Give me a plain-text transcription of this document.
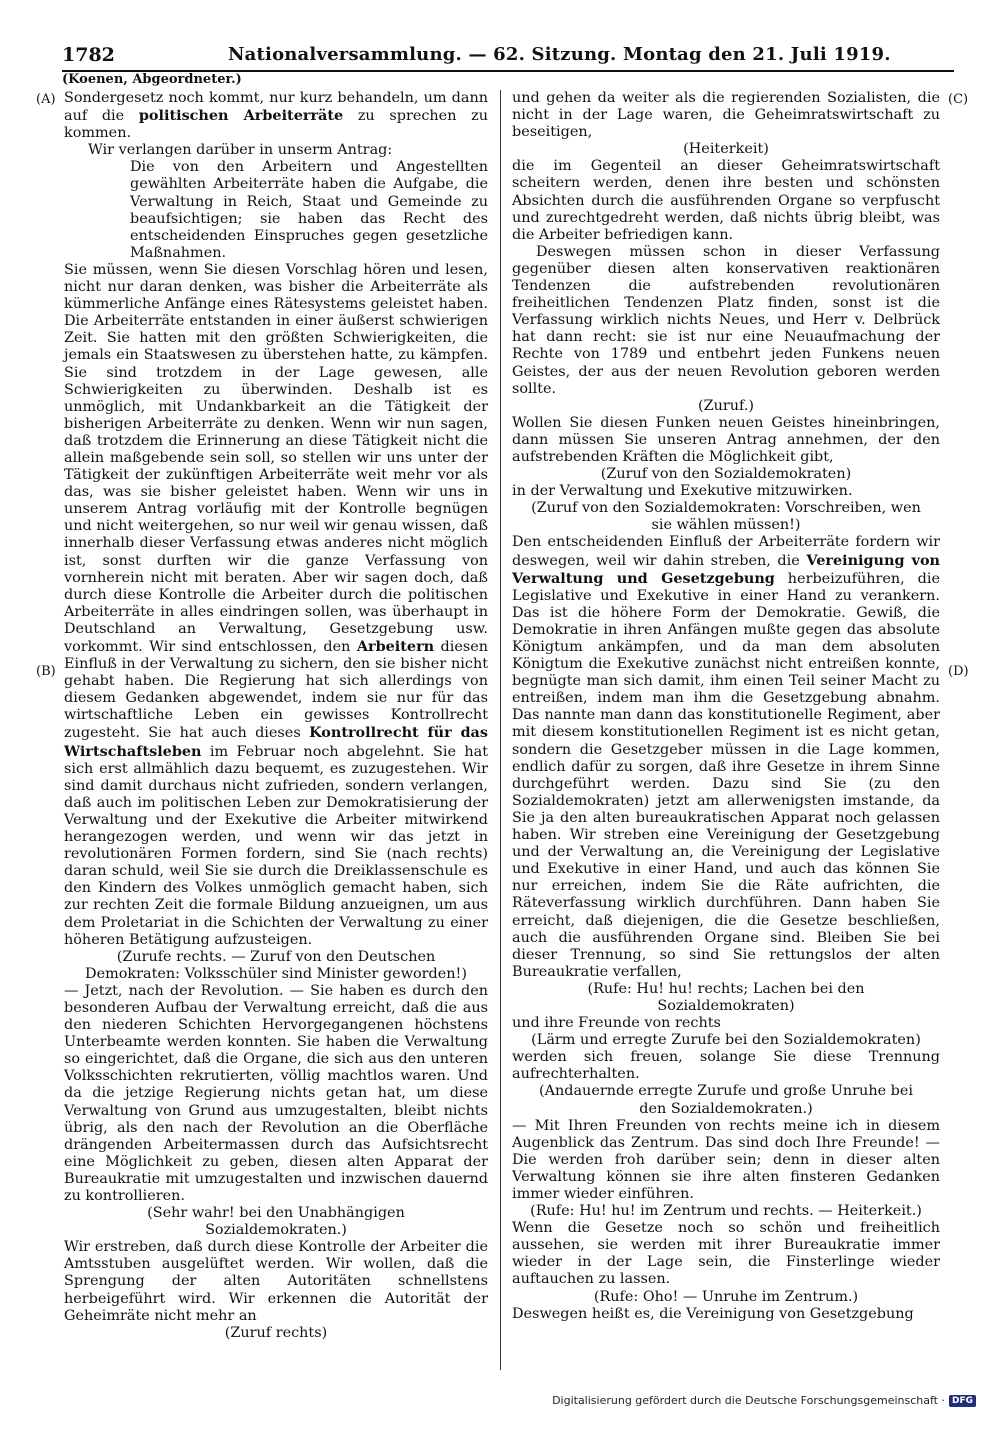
1782	Nationalversammlung. — 62. Sitzung. Montag den 21. Juli 1919.
(Koenen, Abgeordneter.)
(A)
(B)
(C)
(D)

Sondergesetz noch kommt, nur kurz behandeln, um dann auf die politischen Arbeiterräte zu sprechen zu kommen.

Wir verlangen darüber in unserm Antrag:

Die von den Arbeitern und Angestellten gewählten Arbeiterräte haben die Aufgabe, die Verwaltung in Reich, Staat und Gemeinde zu beaufsichtigen; sie haben das Recht des entscheidenden Einspruches gegen gesetzliche Maßnahmen.

Sie müssen, wenn Sie diesen Vorschlag hören und lesen, nicht nur daran denken, was bisher die Arbeiterräte als kümmerliche Anfänge eines Rätesystems geleistet haben. Die Arbeiterräte entstanden in einer äußerst schwierigen Zeit. Sie hatten mit den größten Schwierigkeiten, die jemals ein Staatswesen zu überstehen hatte, zu kämpfen. Sie sind trotzdem in der Lage gewesen, alle Schwierigkeiten zu überwinden. Deshalb ist es unmöglich, mit Undankbarkeit an die Tätigkeit der bisherigen Arbeiterräte zu denken. Wenn wir nun sagen, daß trotzdem die Erinnerung an diese Tätigkeit nicht die allein maßgebende sein soll, so stellen wir uns unter der Tätigkeit der zukünftigen Arbeiterräte weit mehr vor als das, was sie bisher geleistet haben. Wenn wir uns in unserem Antrag vorläufig mit der Kontrolle begnügen und nicht weitergehen, so nur weil wir genau wissen, daß innerhalb dieser Verfassung etwas anderes nicht möglich ist, sonst durften wir die ganze Verfassung von vornherein nicht mit beraten. Aber wir sagen doch, daß durch diese Kontrolle die Arbeiter durch die politischen Arbeiterräte in alles eindringen sollen, was überhaupt in Deutschland an Verwaltung, Gesetzgebung usw. vorkommt. Wir sind entschlossen, den Arbeitern diesen Einfluß in der Verwaltung zu sichern, den sie bisher nicht gehabt haben. Die Regierung hat sich allerdings von diesem Gedanken abgewendet, indem sie nur für das wirtschaftliche Leben ein gewisses Kontrollrecht zugesteht. Sie hat auch dieses Kontrollrecht für das Wirtschaftsleben im Februar noch abgelehnt. Sie hat sich erst allmählich dazu bequemt, es zuzugestehen. Wir sind damit durchaus nicht zufrieden, sondern verlangen, daß auch im politischen Leben zur Demokratisierung der Verwaltung und der Exekutive die Arbeiter mitwirkend herangezogen werden, und wenn wir das jetzt in revolutionären Formen fordern, sind Sie (nach rechts) daran schuld, weil Sie sie durch die Dreiklassenschule es den Kindern des Volkes unmöglich gemacht haben, sich zur rechten Zeit die formale Bildung anzueignen, um aus dem Proletariat in die Schichten der Verwaltung zu einer höheren Betätigung aufzusteigen.

(Zurufe rechts. — Zuruf von den Deutschen Demokraten: Volksschüler sind Minister geworden!)

— Jetzt, nach der Revolution. — Sie haben es durch den besonderen Aufbau der Verwaltung erreicht, daß die aus den niederen Schichten Hervorgegangenen höchstens Unterbeamte werden konnten. Sie haben die Verwaltung so eingerichtet, daß die Organe, die sich aus den unteren Volksschichten rekrutierten, völlig machtlos waren. Und da die jetzige Regierung nichts getan hat, um diese Verwaltung von Grund aus umzugestalten, bleibt nichts übrig, als den nach der Revolution an die Oberfläche drängenden Arbeitermassen durch das Aufsichtsrecht eine Möglichkeit zu geben, diesen alten Apparat der Bureaukratie mit umzugestalten und inzwischen dauernd zu kontrollieren.

(Sehr wahr! bei den Unabhängigen Sozialdemokraten.)

Wir erstreben, daß durch diese Kontrolle der Arbeiter die Amtsstuben ausgelüftet werden. Wir wollen, daß die Sprengung der alten Autoritäten schnellstens herbeigeführt wird. Wir erkennen die Autorität der Geheimräte nicht mehr an

(Zuruf rechts)

und gehen da weiter als die regierenden Sozialisten, die nicht in der Lage waren, die Geheimratswirtschaft zu beseitigen,

(Heiterkeit)

die im Gegenteil an dieser Geheimratswirtschaft scheitern werden, denen ihre besten und schönsten Absichten durch die ausführenden Organe so verpfuscht und zurechtgedreht werden, daß nichts übrig bleibt, was die Arbeiter befriedigen kann.

Deswegen müssen schon in dieser Verfassung gegenüber diesen alten konservativen reaktionären Tendenzen die aufstrebenden revolutionären freiheitlichen Tendenzen Platz finden, sonst ist die Verfassung wirklich nichts Neues, und Herr v. Delbrück hat dann recht: sie ist nur eine Neuaufmachung der Rechte von 1789 und entbehrt jeden Funkens neuen Geistes, der aus der neuen Revolution geboren werden sollte.

(Zuruf.)

Wollen Sie diesen Funken neuen Geistes hineinbringen, dann müssen Sie unseren Antrag annehmen, der den aufstrebenden Kräften die Möglichkeit gibt,

(Zuruf von den Sozialdemokraten)

in der Verwaltung und Exekutive mitzuwirken.

(Zuruf von den Sozialdemokraten: Vorschreiben, wen sie wählen müssen!)

Den entscheidenden Einfluß der Arbeiterräte fordern wir deswegen, weil wir dahin streben, die Vereinigung von Verwaltung und Gesetzgebung herbeizuführen, die Legislative und Exekutive in einer Hand zu verankern. Das ist die höhere Form der Demokratie. Gewiß, die Demokratie in ihren Anfängen mußte gegen das absolute Königtum ankämpfen, und da man dem absoluten Königtum die Exekutive zunächst nicht entreißen konnte, begnügte man sich damit, ihm einen Teil seiner Macht zu entreißen, indem man ihm die Gesetzgebung abnahm. Das nannte man dann das konstitutionelle Regiment, aber mit diesem konstitutionellen Regiment ist es nicht getan, sondern die Gesetzgeber müssen in die Lage kommen, endlich dafür zu sorgen, daß ihre Gesetze in ihrem Sinne durchgeführt werden. Dazu sind Sie (zu den Sozialdemokraten) jetzt am allerwenigsten imstande, da Sie ja den alten bureaukratischen Apparat noch gelassen haben. Wir streben eine Vereinigung der Gesetzgebung und der Verwaltung an, die Vereinigung der Legislative und Exekutive in einer Hand, und auch das können Sie nur erreichen, indem Sie die Räte aufrichten, die Räteverfassung wirklich durchführen. Dann haben Sie erreicht, daß diejenigen, die die Gesetze beschließen, auch die ausführenden Organe sind. Bleiben Sie bei dieser Trennung, so sind Sie rettungslos der alten Bureaukratie verfallen,

(Rufe: Hu! hu! rechts; Lachen bei den Sozialdemokraten)

und ihre Freunde von rechts

(Lärm und erregte Zurufe bei den Sozialdemokraten)

werden sich freuen, solange Sie diese Trennung aufrechterhalten.

(Andauernde erregte Zurufe und große Unruhe bei den Sozialdemokraten.)

— Mit Ihren Freunden von rechts meine ich in diesem Augenblick das Zentrum. Das sind doch Ihre Freunde! — Die werden froh darüber sein; denn in dieser alten Verwaltung können sie ihre alten finsteren Gedanken immer wieder einführen.

(Rufe: Hu! hu! im Zentrum und rechts. — Heiterkeit.)

Wenn die Gesetze noch so schön und freiheitlich aussehen, sie werden mit ihrer Bureaukratie immer wieder in der Lage sein, die Finsterlinge wieder auftauchen zu lassen.

(Rufe: Oho! — Unruhe im Zentrum.)

Deswegen heißt es, die Vereinigung von Gesetzgebung

Digitalisierung gefördert durch die Deutsche Forschungsgemeinschaft · DFG
